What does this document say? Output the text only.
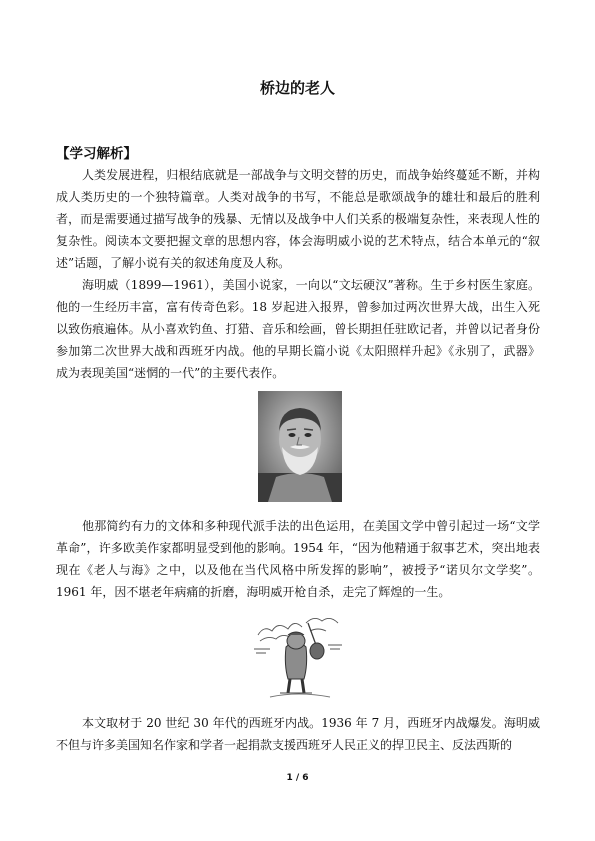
桥边的老人
【学习解析】

人类发展进程，归根结底就是一部战争与文明交替的历史，而战争始终蔓延不断，并构成人类历史的一个独特篇章。人类对战争的书写，不能总是歌颂战争的雄壮和最后的胜利者，而是需要通过描写战争的残暴、无情以及战争中人们关系的极端复杂性，来表现人性的复杂性。阅读本文要把握文章的思想内容，体会海明威小说的艺术特点，结合本单元的“叙述”话题，了解小说有关的叙述角度及人称。

海明威（1899—1961），美国小说家，一向以“文坛硬汉”著称。生于乡村医生家庭。他的一生经历丰富，富有传奇色彩。18 岁起进入报界，曾参加过两次世界大战，出生入死以致伤痕遍体。从小喜欢钓鱼、打猎、音乐和绘画，曾长期担任驻欧记者，并曾以记者身份参加第二次世界大战和西班牙内战。他的早期长篇小说《太阳照样升起》《永别了，武器》成为表现美国“迷惘的一代”的主要代表作。

他那简约有力的文体和多种现代派手法的出色运用，在美国文学中曾引起过一场“文学革命”，许多欧美作家都明显受到他的影响。1954 年，“因为他精通于叙事艺术，突出地表现在《老人与海》之中，以及他在当代风格中所发挥的影响”，被授予“诺贝尔文学奖”。1961 年，因不堪老年病痛的折磨，海明威开枪自杀，走完了辉煌的一生。

本文取材于 20 世纪 30 年代的西班牙内战。1936 年 7 月，西班牙内战爆发。海明威不但与许多美国知名作家和学者一起捐款支援西班牙人民正义的捍卫民主、反法西斯的

1 / 6
